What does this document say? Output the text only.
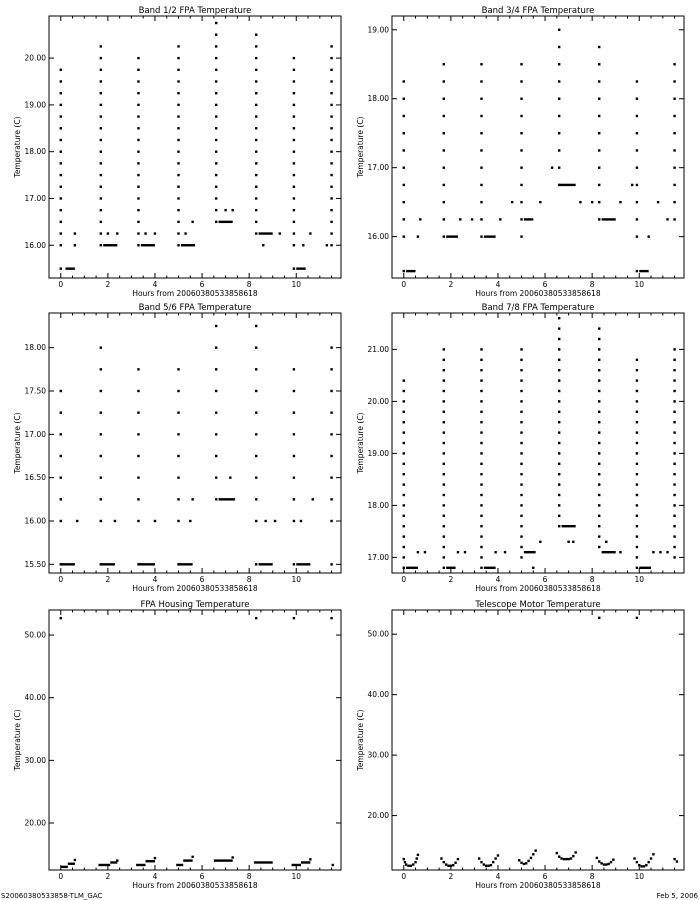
Band 1/2 FPA Temperature
0	2	4	6	8	10
16.00
17.00
18.00
19.00
20.00
Hours from 20060380533858618
Temperature (C)
Band 3/4 FPA Temperature
0	2	4	6	8	10
16.00
17.00
18.00
19.00
Hours from 20060380533858618
Temperature (C)
Band 5/6 FPA Temperature
0	2	4	6	8	10
15.50
16.00
16.50
17.00
17.50
18.00
Hours from 20060380533858618
Temperature (C)
Band 7/8 FPA Temperature
0	2	4	6	8	10
17.00
18.00
19.00
20.00
21.00
Hours from 20060380533858618
Temperature (C)
FPA Housing Temperature
0	2	4	6	8	10
20.00
30.00
40.00
50.00
Hours from 20060380533858618
Temperature (C)
Telescope Motor Temperature
0	2	4	6	8	10
20.00
30.00
40.00
50.00
Hours from 20060380533858618
Temperature (C)
S20060380533858-TLM_GAC	Feb 5, 2006
